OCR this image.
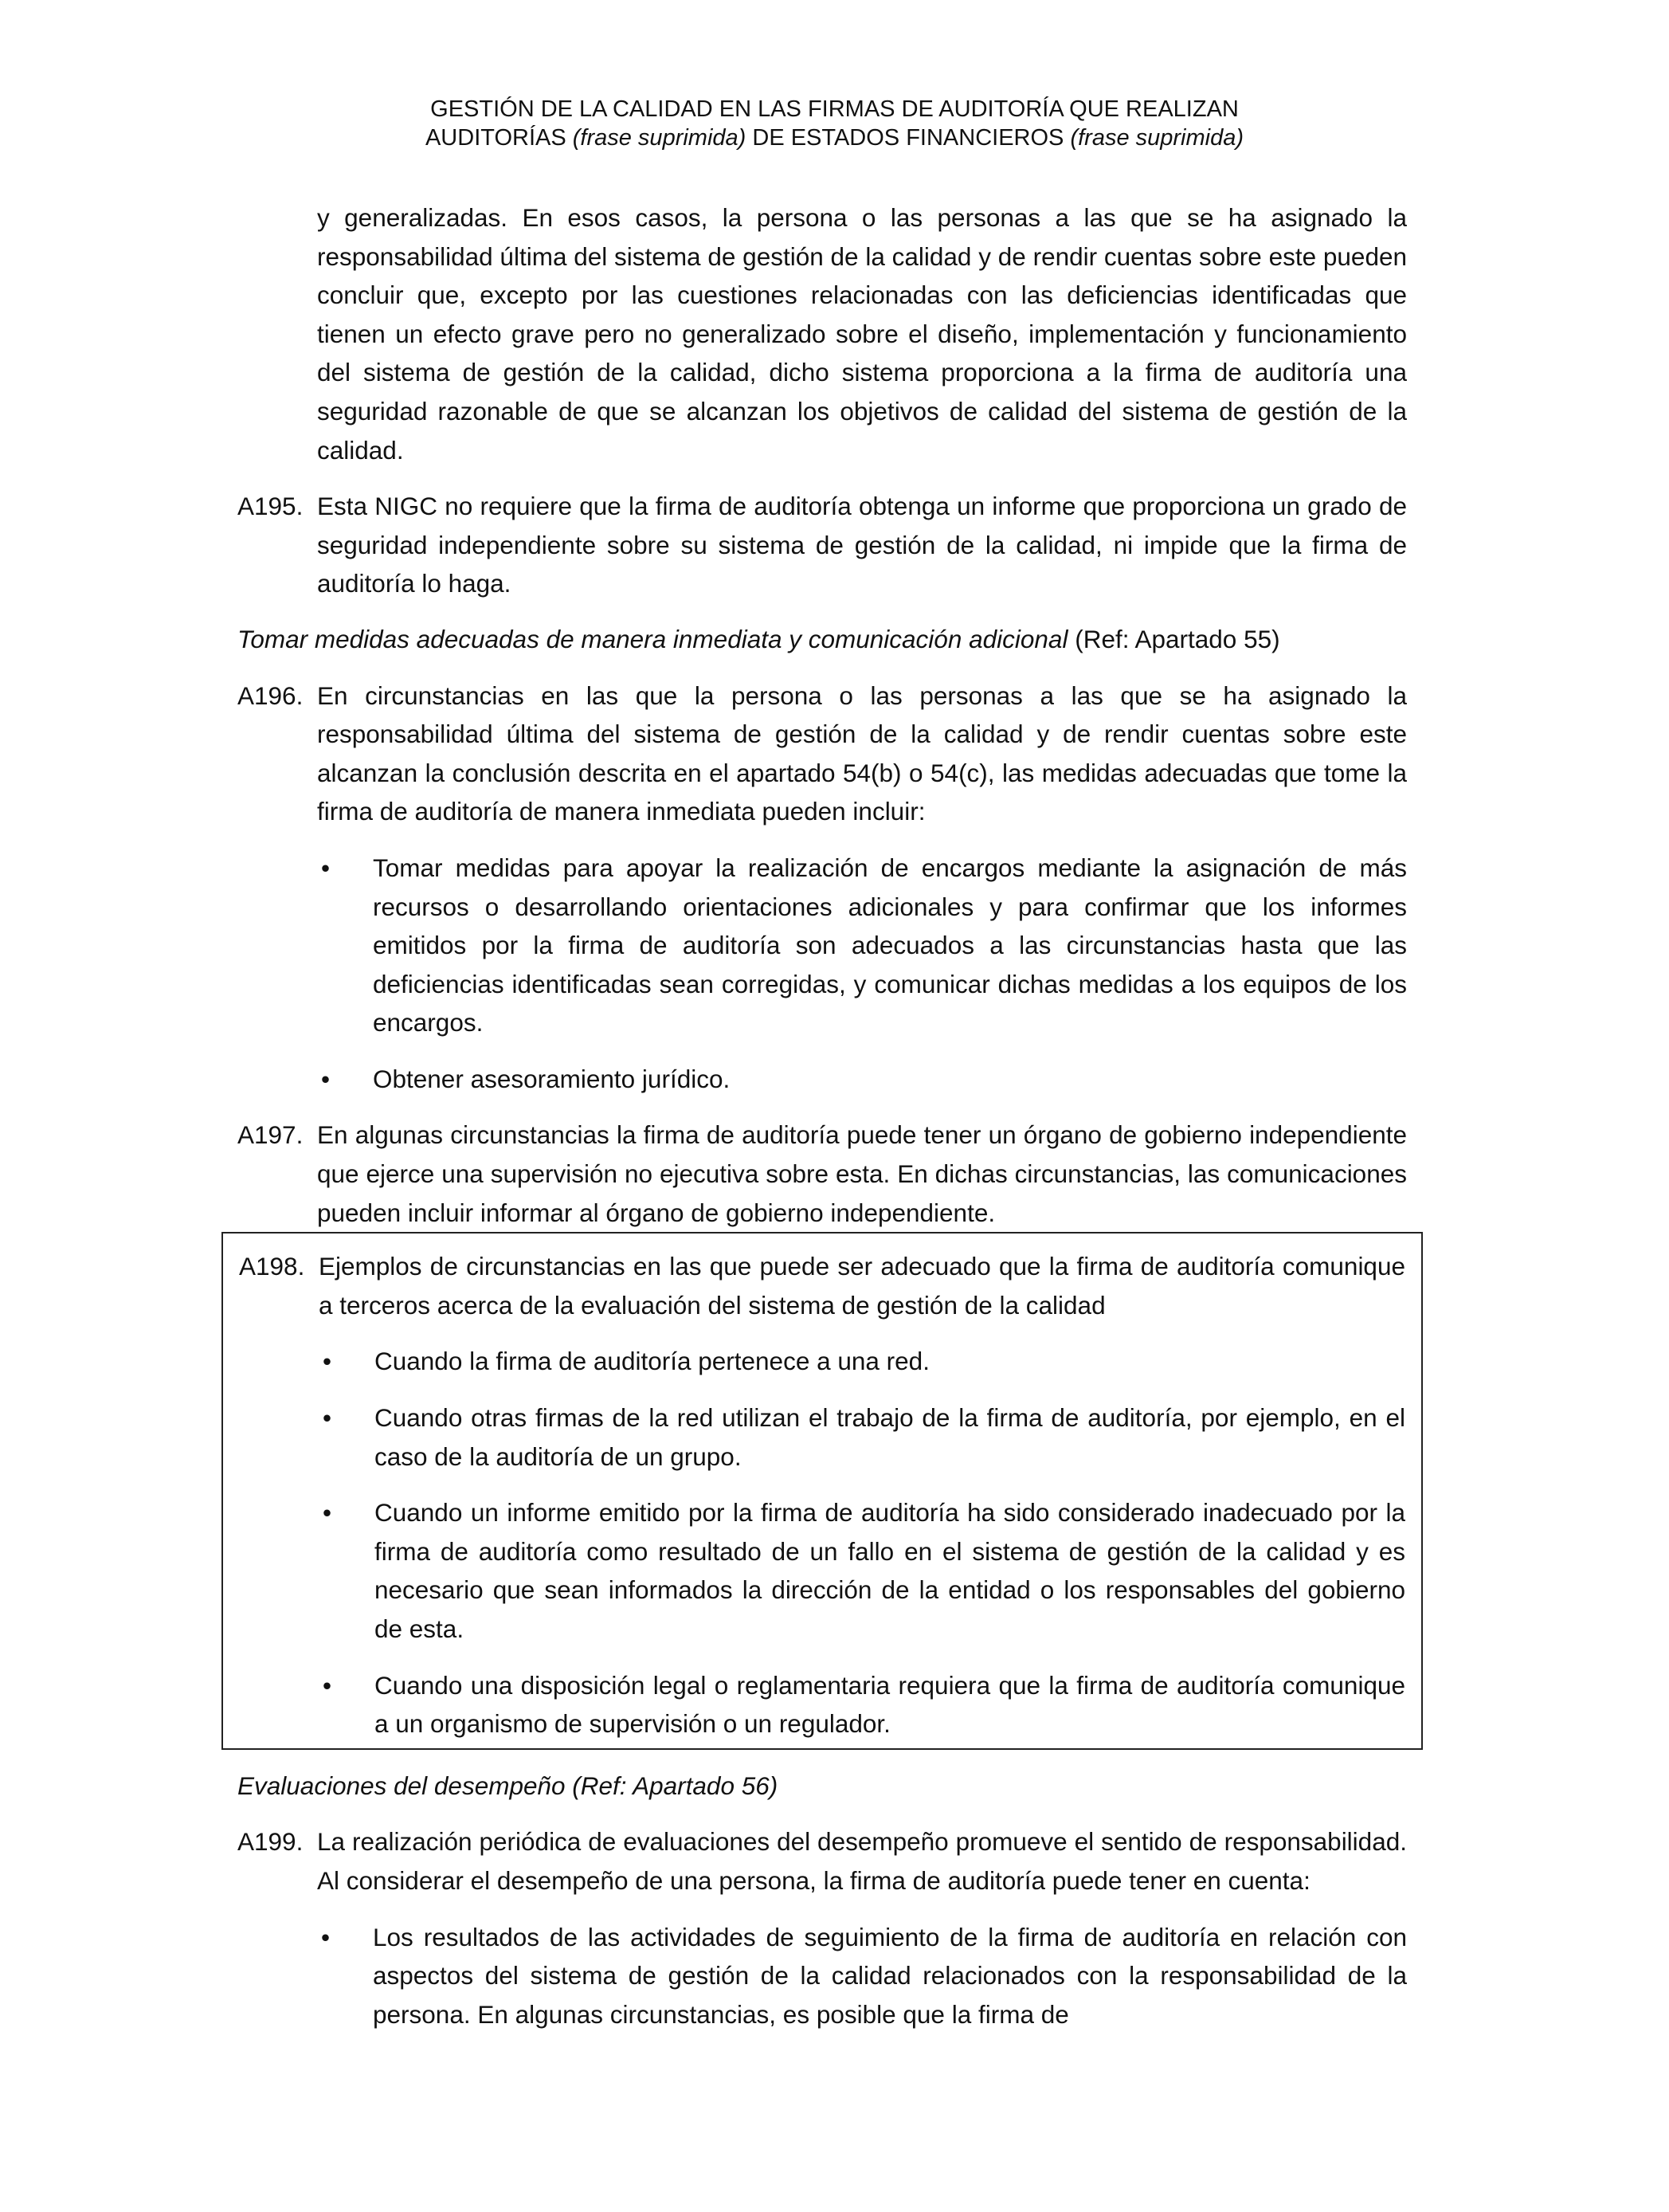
GESTIÓN DE LA CALIDAD EN LAS FIRMAS DE AUDITORÍA QUE REALIZAN
AUDITORÍAS (frase suprimida) DE ESTADOS FINANCIEROS (frase suprimida)

y generalizadas. En esos casos, la persona o las personas a las que se ha asignado la responsabilidad última del sistema de gestión de la calidad y de rendir cuentas sobre este pueden concluir que, excepto por las cuestiones relacionadas con las deficiencias identificadas que tienen un efecto grave pero no generalizado sobre el diseño, implementación y funcionamiento del sistema de gestión de la calidad, dicho sistema proporciona a la firma de auditoría una seguridad razonable de que se alcanzan los objetivos de calidad del sistema de gestión de la calidad.

A195. Esta NIGC no requiere que la firma de auditoría obtenga un informe que proporciona un grado de seguridad independiente sobre su sistema de gestión de la calidad, ni impide que la firma de auditoría lo haga.

Tomar medidas adecuadas de manera inmediata y comunicación adicional (Ref: Apartado 55)

A196. En circunstancias en las que la persona o las personas a las que se ha asignado la responsabilidad última del sistema de gestión de la calidad y de rendir cuentas sobre este alcanzan la conclusión descrita en el apartado 54(b) o 54(c), las medidas adecuadas que tome la firma de auditoría de manera inmediata pueden incluir:
• Tomar medidas para apoyar la realización de encargos mediante la asignación de más recursos o desarrollando orientaciones adicionales y para confirmar que los informes emitidos por la firma de auditoría son adecuados a las circunstancias hasta que las deficiencias identificadas sean corregidas, y comunicar dichas medidas a los equipos de los encargos.
• Obtener asesoramiento jurídico.
A197. En algunas circunstancias la firma de auditoría puede tener un órgano de gobierno independiente que ejerce una supervisión no ejecutiva sobre esta. En dichas circunstancias, las comunicaciones pueden incluir informar al órgano de gobierno independiente.
A198. Ejemplos de circunstancias en las que puede ser adecuado que la firma de auditoría comunique a terceros acerca de la evaluación del sistema de gestión de la calidad
• Cuando la firma de auditoría pertenece a una red.
• Cuando otras firmas de la red utilizan el trabajo de la firma de auditoría, por ejemplo, en el caso de la auditoría de un grupo.
• Cuando un informe emitido por la firma de auditoría ha sido considerado inadecuado por la firma de auditoría como resultado de un fallo en el sistema de gestión de la calidad y es necesario que sean informados la dirección de la entidad o los responsables del gobierno de esta.
• Cuando una disposición legal o reglamentaria requiera que la firma de auditoría comunique a un organismo de supervisión o un regulador.

Evaluaciones del desempeño (Ref: Apartado 56)

A199. La realización periódica de evaluaciones del desempeño promueve el sentido de responsabilidad. Al considerar el desempeño de una persona, la firma de auditoría puede tener en cuenta:
• Los resultados de las actividades de seguimiento de la firma de auditoría en relación con aspectos del sistema de gestión de la calidad relacionados con la responsabilidad de la persona. En algunas circunstancias, es posible que la firma de
